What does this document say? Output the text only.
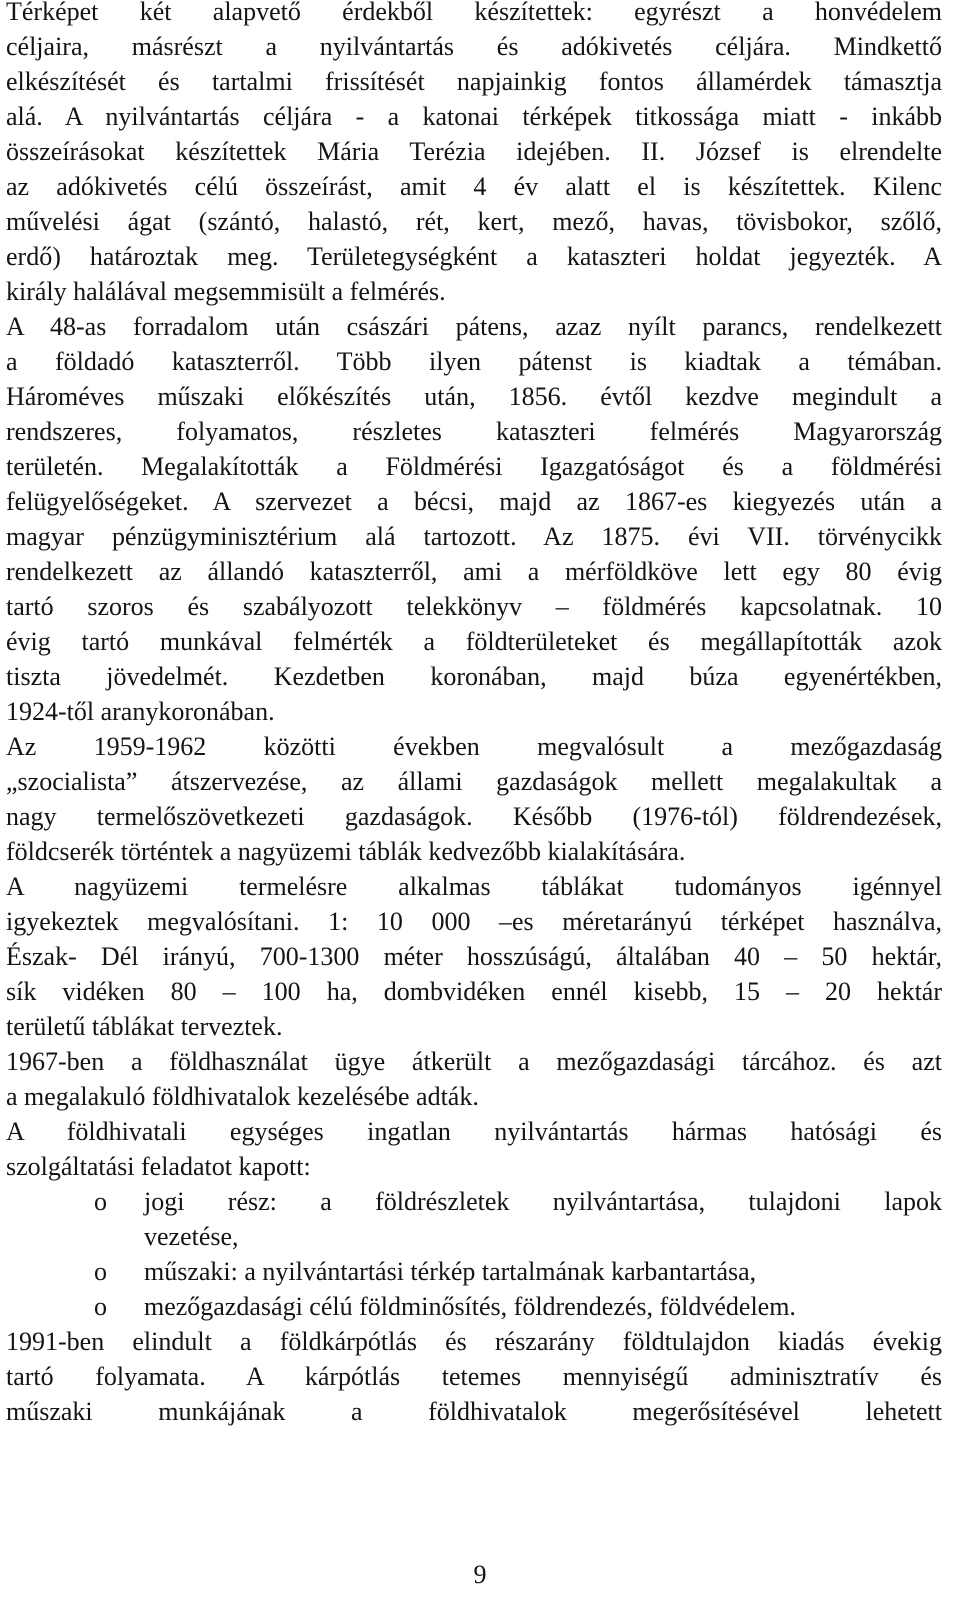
Térképet két alapvető érdekből készítettek: egyrészt a honvédelem
céljaira, másrészt a nyilvántartás és adókivetés céljára. Mindkettő
elkészítését és tartalmi frissítését napjainkig fontos államérdek támasztja
alá. A nyilvántartás céljára - a katonai térképek titkossága miatt - inkább
összeírásokat készítettek Mária Terézia idejében. II. József is elrendelte
az adókivetés célú összeírást, amit 4 év alatt el is készítettek. Kilenc
művelési ágat (szántó, halastó, rét, kert, mező, havas, tövisbokor, szőlő,
erdő) határoztak meg. Területegységként a kataszteri holdat jegyezték. A
király halálával megsemmisült a felmérés.

A 48-as forradalom után császári pátens, azaz nyílt parancs, rendelkezett
a földadó kataszterről. Több ilyen pátenst is kiadtak a témában.
Hároméves műszaki előkészítés után, 1856. évtől kezdve megindult a
rendszeres, folyamatos, részletes kataszteri felmérés Magyarország
területén. Megalakították a Földmérési Igazgatóságot és a földmérési
felügyelőségeket. A szervezet a bécsi, majd az 1867-es kiegyezés után a
magyar pénzügyminisztérium alá tartozott. Az 1875. évi VII. törvénycikk
rendelkezett az állandó kataszterről, ami a mérföldköve lett egy 80 évig
tartó szoros és szabályozott telekkönyv – földmérés kapcsolatnak. 10
évig tartó munkával felmérték a földterületeket és megállapították azok
tiszta jövedelmét. Kezdetben koronában, majd búza egyenértékben,
1924-től aranykoronában.

Az 1959-1962 közötti években megvalósult a mezőgazdaság
„szocialista” átszervezése, az állami gazdaságok mellett megalakultak a
nagy termelőszövetkezeti gazdaságok. Később (1976-tól) földrendezések,
földcserék történtek a nagyüzemi táblák kedvezőbb kialakítására.

A nagyüzemi termelésre alkalmas táblákat tudományos igénnyel
igyekeztek megvalósítani. 1: 10 000 –es méretarányú térképet használva,
Észak- Dél irányú, 700-1300 méter hosszúságú, általában 40 – 50 hektár,
sík vidéken 80 – 100 ha, dombvidéken ennél kisebb, 15 – 20 hektár
területű táblákat terveztek.

1967-ben a földhasználat ügye átkerült a mezőgazdasági tárcához. és azt
a megalakuló földhivatalok kezelésébe adták.

A földhivatali egységes ingatlan nyilvántartás hármas hatósági és
szolgáltatási feladatot kapott:

o jogi rész: a földrészletek nyilvántartása, tulajdoni lapok
vezetése,
o műszaki: a nyilvántartási térkép tartalmának karbantartása,
o mezőgazdasági célú földminősítés, földrendezés, földvédelem.

1991-ben elindult a földkárpótlás és részarány földtulajdon kiadás évekig
tartó folyamata. A kárpótlás tetemes mennyiségű adminisztratív és
műszaki munkájának a földhivatalok megerősítésével lehetett

9
